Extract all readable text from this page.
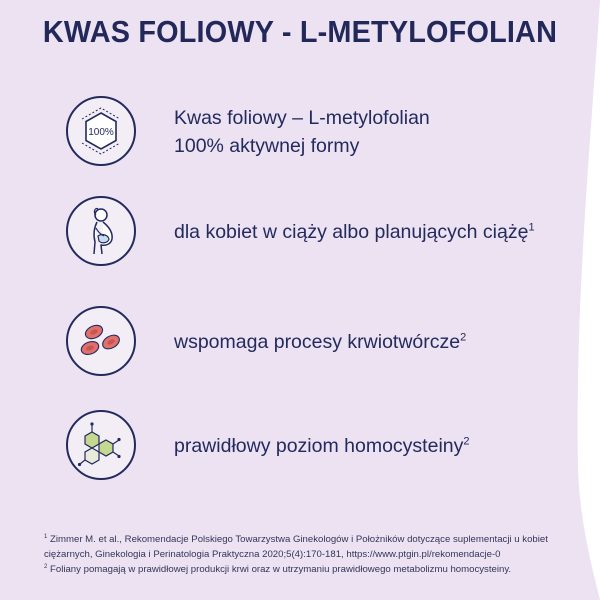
KWAS FOLIOWY - L-METYLOFOLIAN
100%
Kwas foliowy – L-metylofolian
100% aktywnej formy
dla kobiet w ciąży albo planujących ciążę$^1$
wspomaga procesy krwiotwórcze$^2$
prawidłowy poziom homocysteiny$^2$
$^1$ Zimmer M. et al., Rekomendacje Polskiego Towarzystwa Ginekologów i Położników dotyczące suplementacji u kobiet
ciężarnych, Ginekologia i Perinatologia Praktyczna 2020;5(4):170-181, https://www.ptgin.pl/rekomendacje-0
$^2$ Foliany pomagają w prawidłowej produkcji krwi oraz w utrzymaniu prawidłowego metabolizmu homocysteiny.
